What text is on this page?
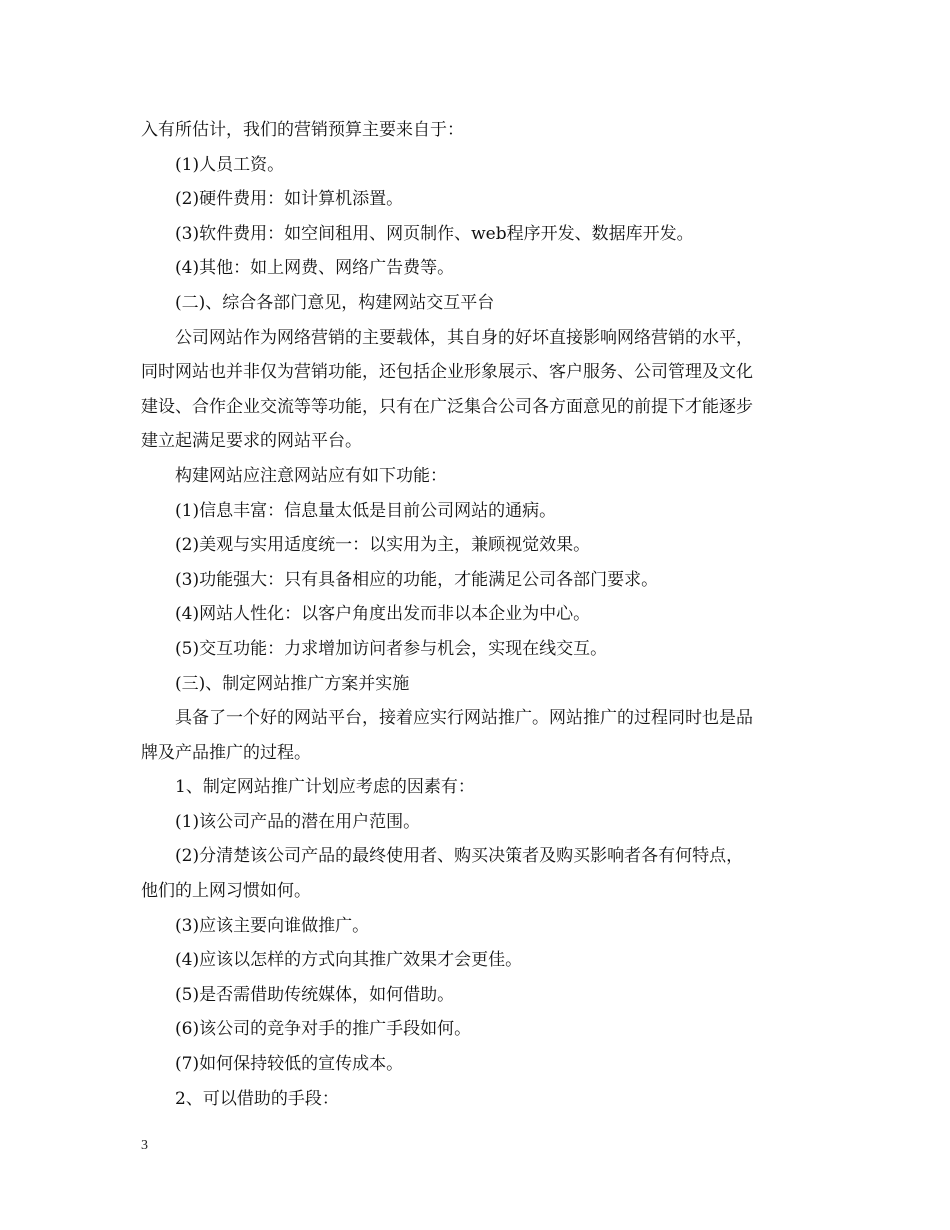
入有所估计，我们的营销预算主要来自于：
(1)人员工资。
(2)硬件费用：如计算机添置。
(3)软件费用：如空间租用、网页制作、web程序开发、数据库开发。
(4)其他：如上网费、网络广告费等。
(二)、综合各部门意见，构建网站交互平台
公司网站作为网络营销的主要载体，其自身的好坏直接影响网络营销的水平，
同时网站也并非仅为营销功能，还包括企业形象展示、客户服务、公司管理及文化
建设、合作企业交流等等功能，只有在广泛集合公司各方面意见的前提下才能逐步
建立起满足要求的网站平台。
构建网站应注意网站应有如下功能：
(1)信息丰富：信息量太低是目前公司网站的通病。
(2)美观与实用适度统一：以实用为主，兼顾视觉效果。
(3)功能强大：只有具备相应的功能，才能满足公司各部门要求。
(4)网站人性化：以客户角度出发而非以本企业为中心。
(5)交互功能：力求增加访问者参与机会，实现在线交互。
(三)、制定网站推广方案并实施
具备了一个好的网站平台，接着应实行网站推广。网站推广的过程同时也是品
牌及产品推广的过程。
1、制定网站推广计划应考虑的因素有：
(1)该公司产品的潜在用户范围。
(2)分清楚该公司产品的最终使用者、购买决策者及购买影响者各有何特点，
他们的上网习惯如何。
(3)应该主要向谁做推广。
(4)应该以怎样的方式向其推广效果才会更佳。
(5)是否需借助传统媒体，如何借助。
(6)该公司的竞争对手的推广手段如何。
(7)如何保持较低的宣传成本。
2、可以借助的手段：
3
